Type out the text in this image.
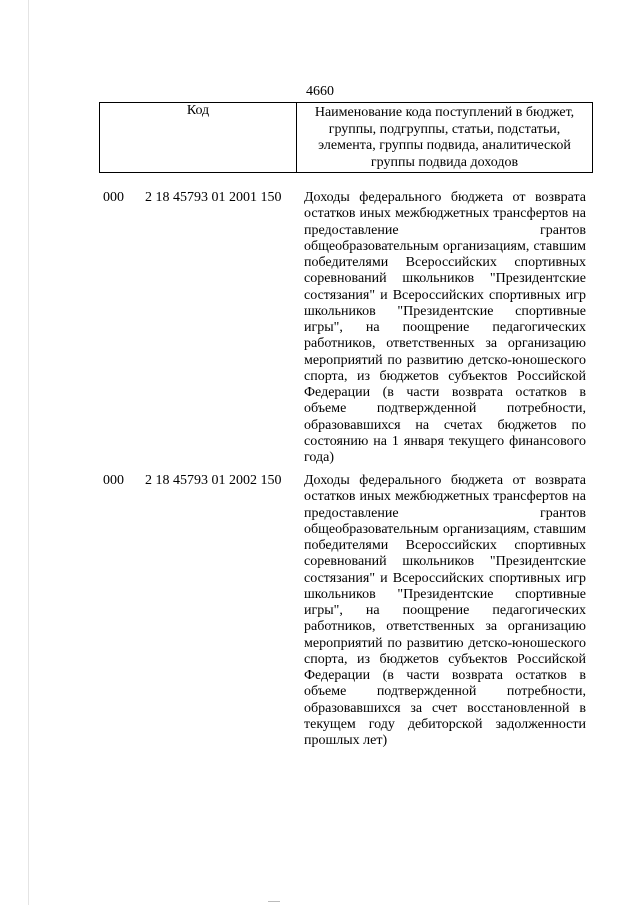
4660
Код	Наименование кода поступлений в бюджет, группы, подгруппы, статьи, подстатьи, элемента, группы подвида, аналитической группы подвида доходов
000 2 18 45793 01 2001 150 Доходы федерального бюджета от возврата остатков иных межбюджетных трансфертов на предоставление грантов общеобразовательным организациям, ставшим победителями Всероссийских спортивных соревнований школьников "Президентские состязания" и Всероссийских спортивных игр школьников "Президентские спортивные игры", на поощрение педагогических работников, ответственных за организацию мероприятий по развитию детско-юношеского спорта, из бюджетов субъектов Российской Федерации (в части возврата остатков в объеме подтвержденной потребности, образовавшихся на счетах бюджетов по состоянию на 1 января текущего финансового года)
000 2 18 45793 01 2002 150 Доходы федерального бюджета от возврата остатков иных межбюджетных трансфертов на предоставление грантов общеобразовательным организациям, ставшим победителями Всероссийских спортивных соревнований школьников "Президентские состязания" и Всероссийских спортивных игр школьников "Президентские спортивные игры", на поощрение педагогических работников, ответственных за организацию мероприятий по развитию детско-юношеского спорта, из бюджетов субъектов Российской Федерации (в части возврата остатков в объеме подтвержденной потребности, образовавшихся за счет восстановленной в текущем году дебиторской задолженности прошлых лет)
